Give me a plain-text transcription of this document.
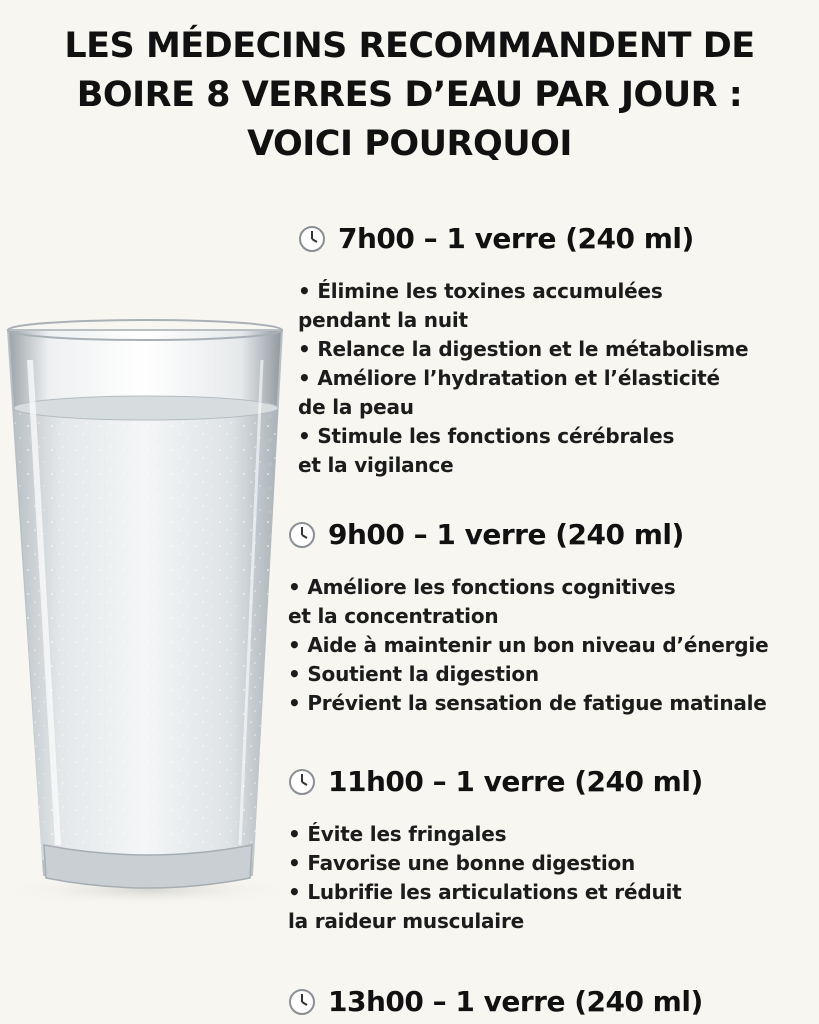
LES MÉDECINS RECOMMANDENT DE
BOIRE 8 VERRES D’EAU PAR JOUR :
VOICI POURQUOI
7h00 – 1 verre (240 ml)
• Élimine les toxines accumulées
pendant la nuit
• Relance la digestion et le métabolisme
• Améliore l’hydratation et l’élasticité
de la peau
• Stimule les fonctions cérébrales
et la vigilance
9h00 – 1 verre (240 ml)
• Améliore les fonctions cognitives
et la concentration
• Aide à maintenir un bon niveau d’énergie
• Soutient la digestion
• Prévient la sensation de fatigue matinale
11h00 – 1 verre (240 ml)
• Évite les fringales
• Favorise une bonne digestion
• Lubrifie les articulations et réduit
la raideur musculaire
13h00 – 1 verre (240 ml)
